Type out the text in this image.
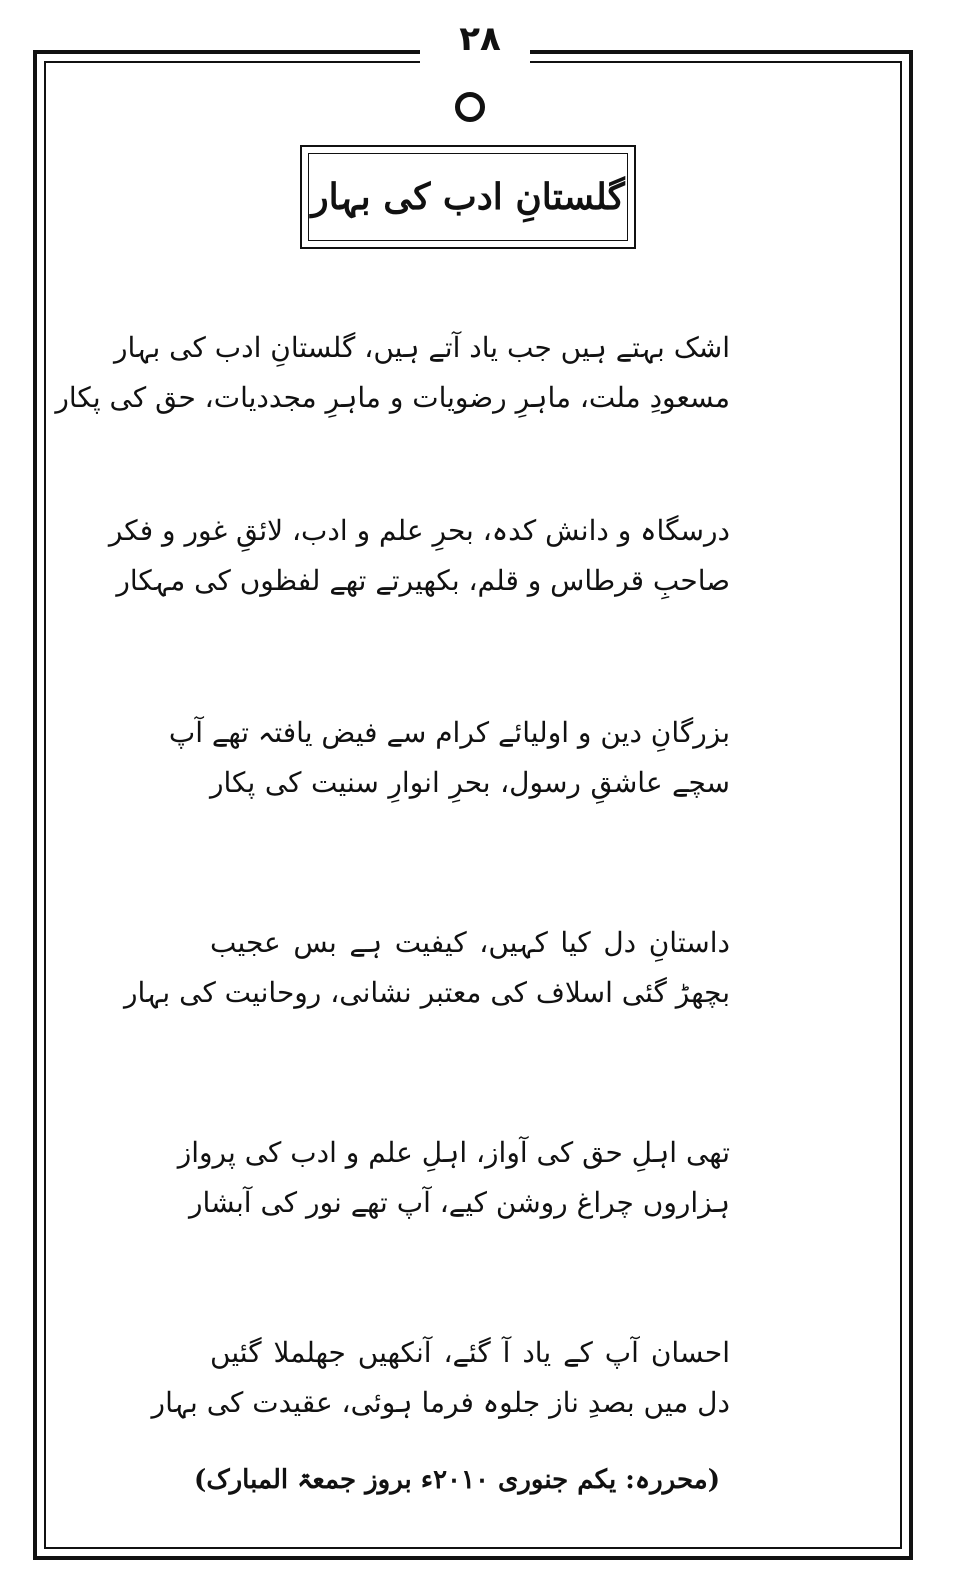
۲۸
گلستانِ ادب کی بہار
اشک بہتے ہیں جب یاد آتے ہیں، گلستانِ ادب کی بہار
مسعودِ ملت، ماہرِ رضویات و ماہرِ مجددیات، حق کی پکار
درسگاہ و دانش کدہ، بحرِ علم و ادب، لائقِ غور و فکر
صاحبِ قرطاس و قلم، بکھیرتے تھے لفظوں کی مہکار
بزرگانِ دین و اولیائے کرام سے فیض یافتہ تھے آپ
سچے عاشقِ رسول، بحرِ انوارِ سنیت کی پکار
داستانِ دل کیا کہیں، کیفیت ہے بس عجیب
بچھڑ گئی اسلاف کی معتبر نشانی، روحانیت کی بہار
تھی اہلِ حق کی آواز، اہلِ علم و ادب کی پرواز
ہزاروں چراغ روشن کیے، آپ تھے نور کی آبشار
احسان آپ کے یاد آ گئے، آنکھیں جھلملا گئیں
دل میں بصدِ ناز جلوہ فرما ہوئی، عقیدت کی بہار
(محررہ: یکم جنوری ۲۰۱۰ء بروز جمعۃ المبارک)
